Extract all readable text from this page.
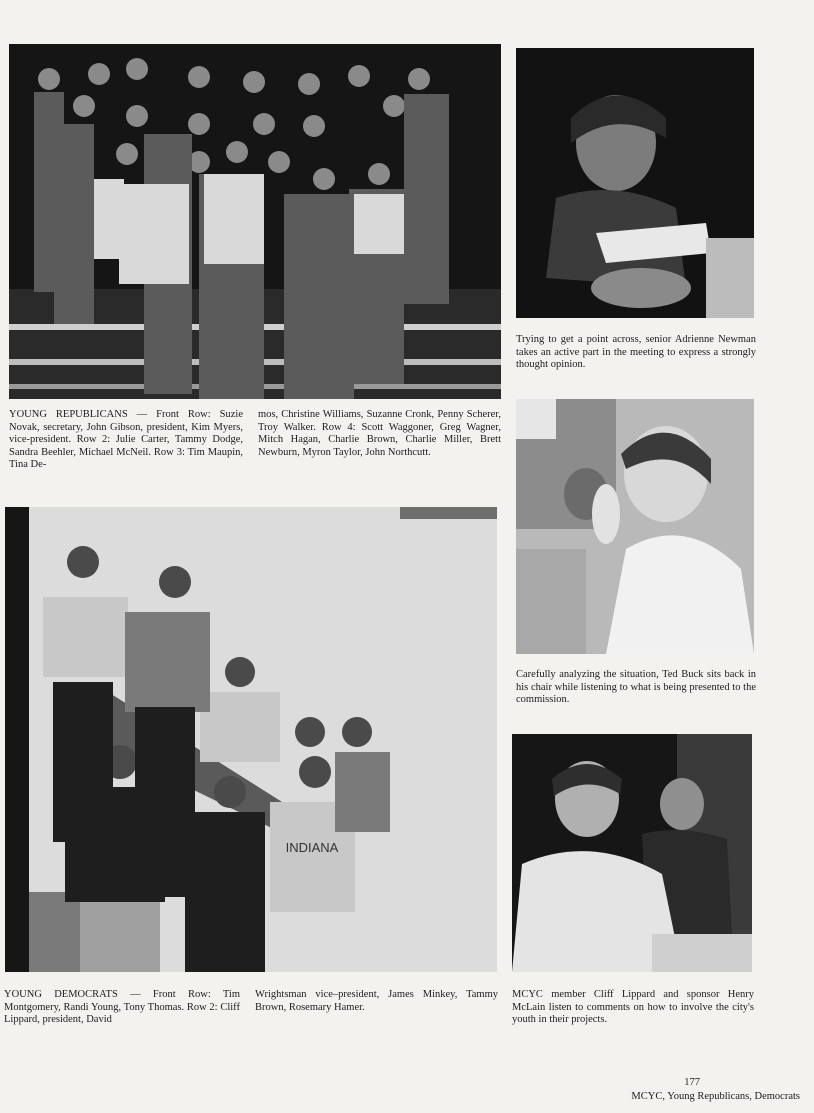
Trying to get a point across, senior Adrienne Newman takes an active part in the meeting to express a strongly thought opinion.

YOUNG REPUBLICANS — Front Row: Suzie Novak, secretary, John Gibson, president, Kim Myers, vice-president. Row 2: Julie Carter, Tammy Dodge, Sandra Beehler, Michael McNeil. Row 3: Tim Maupin, Tina De-

mos, Christine Williams, Suzanne Cronk, Penny Scherer, Troy Walker. Row 4: Scott Waggoner, Greg Wagner, Mitch Hagan, Charlie Brown, Charlie Miller, Brett Newburn, Myron Taylor, John Northcutt.

Carefully analyzing the situation, Ted Buck sits back in his chair while listening to what is being presented to the commission.

INDIANA

YOUNG DEMOCRATS — Front Row: Tim Montgomery, Randi Young, Tony Thomas. Row 2: Cliff Lippard, president, David

Wrightsman vice–president, James Minkey, Tammy Brown, Rosemary Hamer.

MCYC member Cliff Lippard and sponsor Henry McLain listen to comments on how to involve the city's youth in their projects.

177
MCYC, Young Republicans, Democrats
